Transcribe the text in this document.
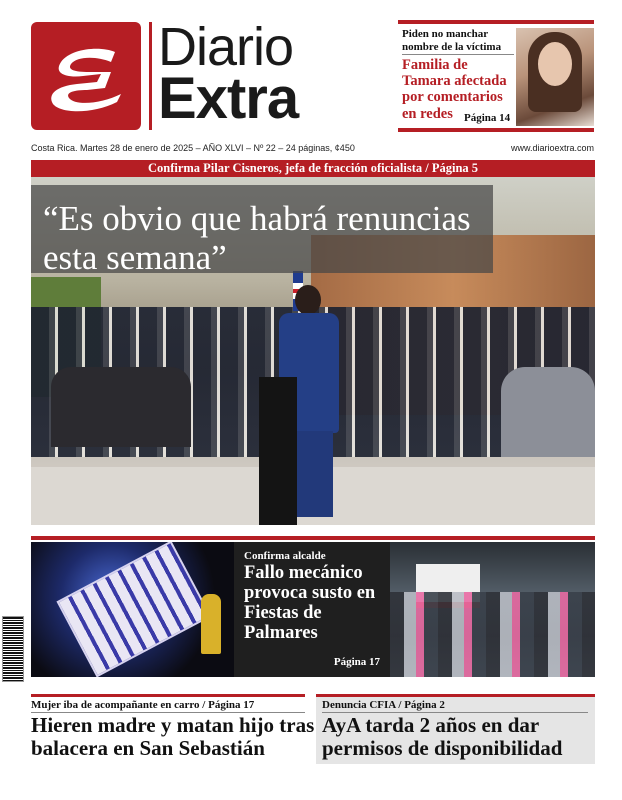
Diario
Extra
Piden no manchar nombre de la víctima
Familia de Tamara afectada por comentarios en redes	Página 14
Costa Rica. Martes 28 de enero de 2025 – AÑO XLVI – Nº 22 – 24 páginas, ¢450	www.diarioextra.com
Confirma Pilar Cisneros, jefa de fracción oficialista / Página 5
“Es obvio que habrá renuncias esta semana”
Confirma alcalde
Fallo mecánico provoca susto en Fiestas de Palmares
Página 17
Mujer iba de acompañante en carro / Página 17
Hieren madre y matan hijo tras balacera en San Sebastián
Denuncia CFIA / Página 2
AyA tarda 2 años en dar permisos de disponibilidad
